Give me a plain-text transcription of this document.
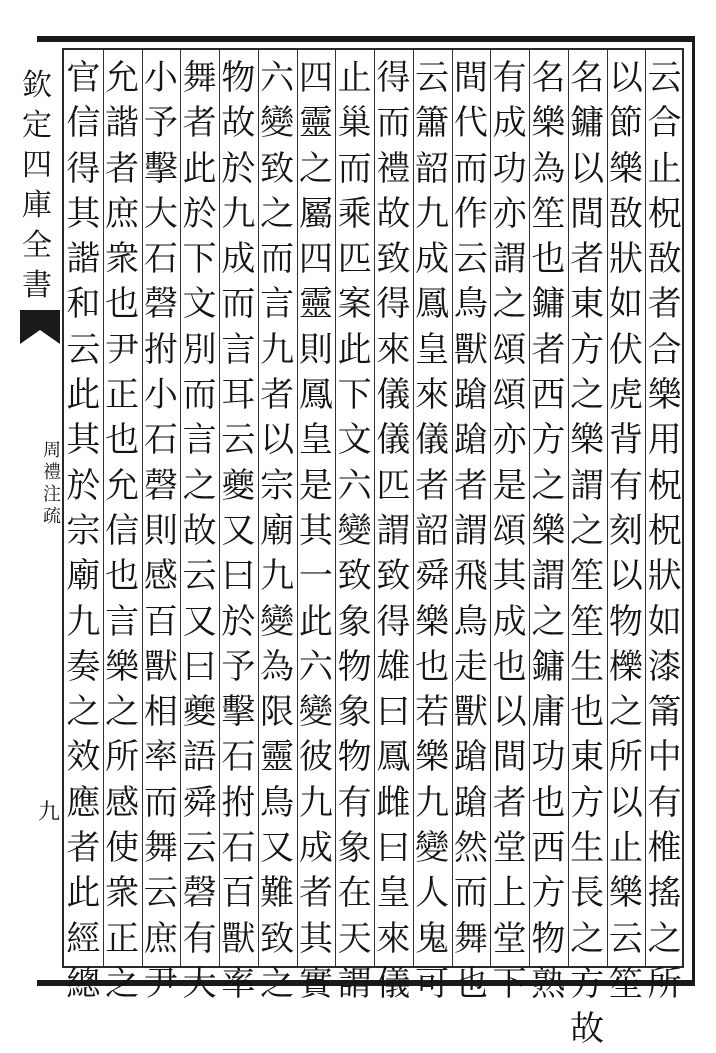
云
合
止
柷
敔
者
合
樂
用
柷
柷
狀
如
漆
筩
中
有
椎
搖
之
所
以
節
樂
敔
狀
如
伏
虎
背
有
刻
以
物
櫟
之
所
以
止
樂
云
笙
名
鏞
以
間
者
東
方
之
樂
謂
之
笙
笙
生
也
東
方
生
長
之
方
故
名
樂
為
笙
也
鏞
者
西
方
之
樂
謂
之
鏞
庸
功
也
西
方
物
熟
有
成
功
亦
謂
之
頌
頌
亦
是
頌
其
成
也
以
間
者
堂
上
堂
下
間
代
而
作
云
鳥
獸
蹌
蹌
者
謂
飛
鳥
走
獸
蹌
蹌
然
而
舞
也
云
簫
韶
九
成
鳳
皇
來
儀
者
韶
舜
樂
也
若
樂
九
變
人
鬼
可
得
而
禮
故
致
得
來
儀
儀
匹
謂
致
得
雄
曰
鳳
雌
曰
皇
來
儀
止
巢
而
乘
匹
案
此
下
文
六
變
致
象
物
象
物
有
象
在
天
謂
四
靈
之
屬
四
靈
則
鳳
皇
是
其
一
此
六
變
彼
九
成
者
其
實
六
變
致
之
而
言
九
者
以
宗
廟
九
變
為
限
靈
鳥
又
難
致
之
物
故
於
九
成
而
言
耳
云
夔
又
曰
於
予
擊
石
拊
石
百
獸
率
舞
者
此
於
下
文
別
而
言
之
故
云
又
曰
夔
語
舜
云
磬
有
大
小
予
擊
大
石
磬
拊
小
石
磬
則
感
百
獸
相
率
而
舞
云
庶
尹
允
諧
者
庶
衆
也
尹
正
也
允
信
也
言
樂
之
所
感
使
衆
正
之
官
信
得
其
諧
和
云
此
其
於
宗
廟
九
奏
之
效
應
者
此
經
總
欽
定
四
庫
全
書
周
禮
注
疏
九
